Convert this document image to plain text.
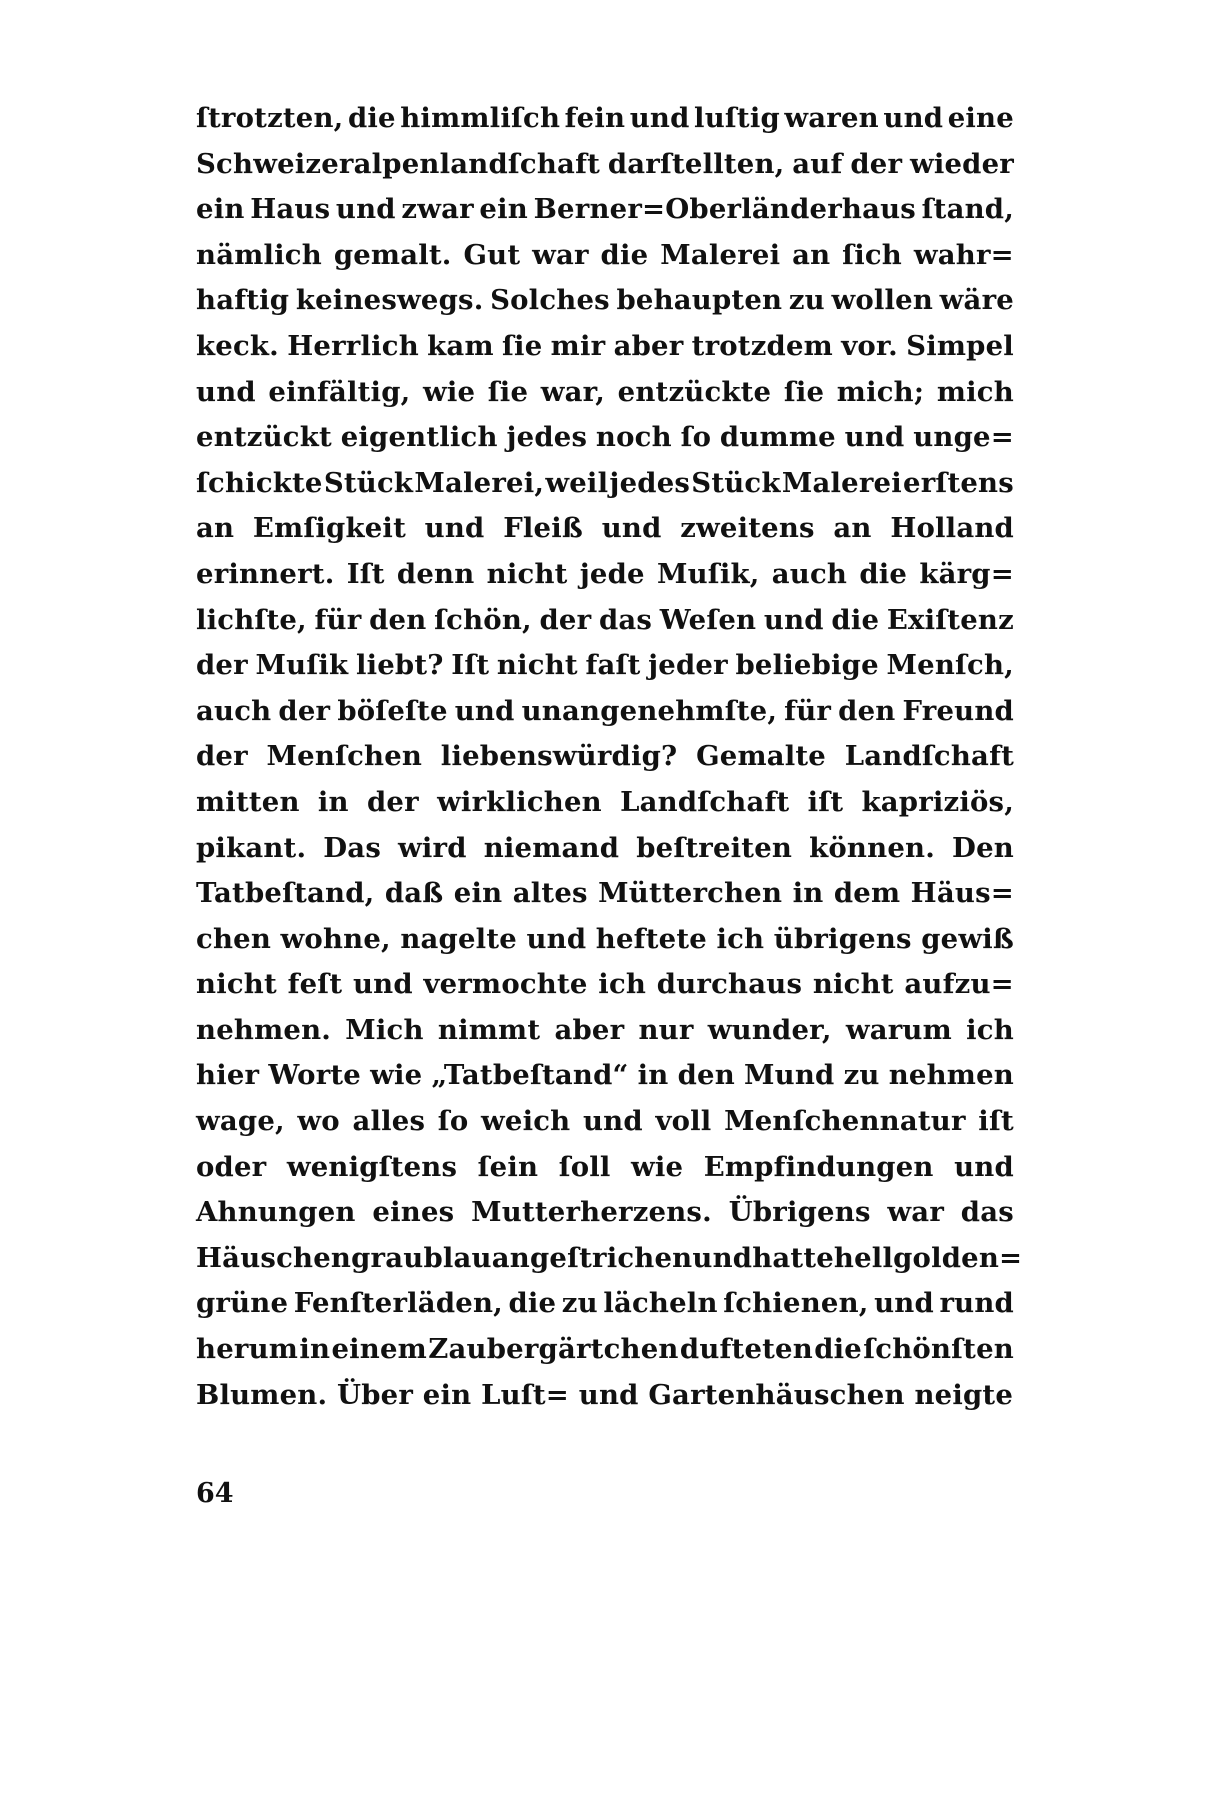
ſtrotzten, die himmliſch fein und luſtig waren und eine
Schweizeralpenlandſchaft darſtellten, auf der wieder
ein Haus und zwar ein Berner=Oberländerhaus ſtand,
nämlich gemalt. Gut war die Malerei an ſich wahr=
haftig keineswegs. Solches behaupten zu wollen wäre
keck. Herrlich kam ſie mir aber trotzdem vor. Simpel
und einfältig, wie ſie war, entzückte ſie mich; mich
entzückt eigentlich jedes noch ſo dumme und unge=
ſchickte Stück Malerei, weil jedes Stück Malerei erſtens
an Emſigkeit und Fleiß und zweitens an Holland
erinnert. Iſt denn nicht jede Muſik, auch die kärg=
lichſte, für den ſchön, der das Weſen und die Exiſtenz
der Muſik liebt? Iſt nicht faſt jeder beliebige Menſch,
auch der böſeſte und unangenehmſte, für den Freund
der Menſchen liebenswürdig? Gemalte Landſchaft
mitten in der wirklichen Landſchaft iſt kapriziös,
pikant. Das wird niemand beſtreiten können. Den
Tatbeſtand, daß ein altes Mütterchen in dem Häus=
chen wohne, nagelte und heftete ich übrigens gewiß
nicht feſt und vermochte ich durchaus nicht aufzu=
nehmen. Mich nimmt aber nur wunder, warum ich
hier Worte wie „Tatbeſtand“ in den Mund zu nehmen
wage, wo alles ſo weich und voll Menſchennatur iſt
oder wenigſtens ſein ſoll wie Empfindungen und
Ahnungen eines Mutterherzens. Übrigens war das
Häuschen graublau angeſtrichen und hatte hellgolden=
grüne Fenſterläden, die zu lächeln ſchienen, und rund
herum in einem Zaubergärtchen dufteten die ſchönſten
Blumen. Über ein Luſt= und Gartenhäuschen neigte
64
